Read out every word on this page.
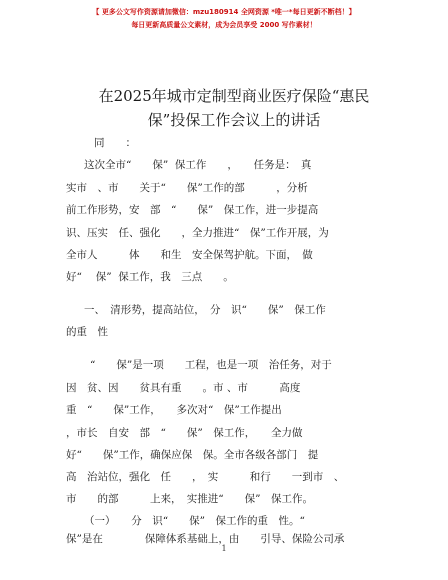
【 更多公文写作资源请加微信：mzu180914 全网资源 *唯一*每日更新不断档！】
每日更新高质量公文素材，成为会员享受 2000 写作素材！
在2025年城市定制型商业医疗保险“惠民
保”投保工作会议上的讲话
同　　：
这次全市“　　保”  保工作　　，　　任务是：　真
实市　、市　　关于“　　保”工作的部　　　，分析
前工作形势，安　部　“　　保”　保工作，进一步提高
识、压实　任、强化　　，全力推进“　保”工作开展，为
全市人　　　体　　和生　安全保驾护航。下面，　做
好“　 保”  保工作，我　三点　　。
一、　清形势，提高站位，　分　识“　　保”　保工作
的重　性
“　　保”是一项　　工程，也是一项　治任务，对于
因　贫、因　　贫具有重　　。市 、市　　　高度
重　“　　保”工作，　　多次对“　保”工作提出
，市长　自安　部　“　　保”　保工作，　　全力做
好“　　保”工作，确保应保　保。全市各级各部门　提
高　治站位，强化　任　　，　实　　　和行　　一到市　、
市　　的部　　　上来，　实推进“　　保”　保工作。
（一）　　分　识“　　保”　保工作的重　性。“　　
保”是在　　　　保障体系基础上，由　　引导、保险公司承
1
